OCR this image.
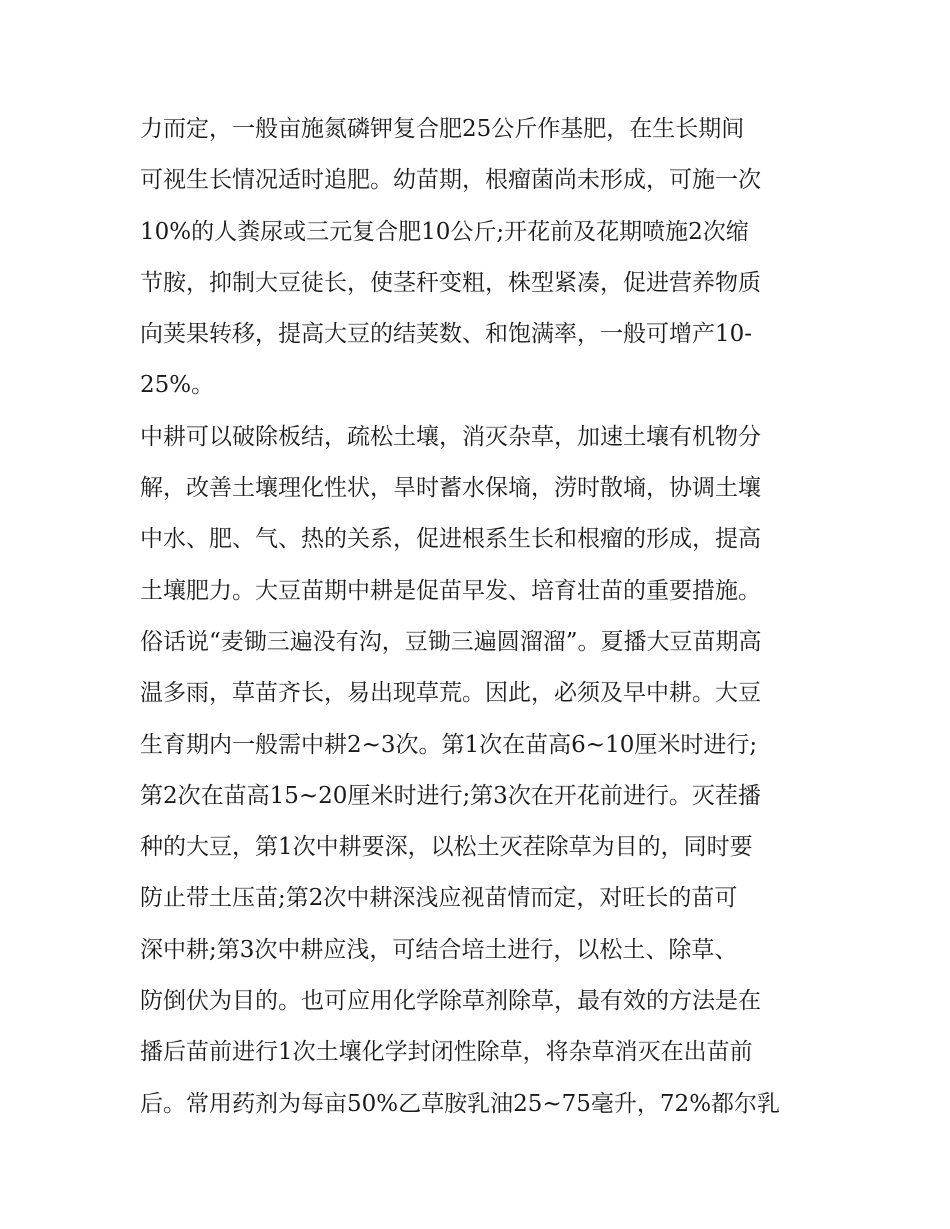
力而定，一般亩施氮磷钾复合肥25公斤作基肥，在生长期间
可视生长情况适时追肥。幼苗期，根瘤菌尚未形成，可施一次
10%的人粪尿或三元复合肥10公斤;开花前及花期喷施2次缩
节胺，抑制大豆徒长，使茎秆变粗，株型紧凑，促进营养物质
向荚果转移，提高大豆的结荚数、和饱满率，一般可增产10-
25%。
中耕可以破除板结，疏松土壤，消灭杂草，加速土壤有机物分
解，改善土壤理化性状，旱时蓄水保墒，涝时散墒，协调土壤
中水、肥、气、热的关系，促进根系生长和根瘤的形成，提高
土壤肥力。大豆苗期中耕是促苗早发、培育壮苗的重要措施。
俗话说“麦锄三遍没有沟，豆锄三遍圆溜溜”。夏播大豆苗期高
温多雨，草苗齐长，易出现草荒。因此，必须及早中耕。大豆
生育期内一般需中耕2~3次。第1次在苗高6~10厘米时进行;
第2次在苗高15~20厘米时进行;第3次在开花前进行。灭茬播
种的大豆，第1次中耕要深，以松土灭茬除草为目的，同时要
防止带土压苗;第2次中耕深浅应视苗情而定，对旺长的苗可
深中耕;第3次中耕应浅，可结合培土进行，以松土、除草、
防倒伏为目的。也可应用化学除草剂除草，最有效的方法是在
播后苗前进行1次土壤化学封闭性除草，将杂草消灭在出苗前
后。常用药剂为每亩50%乙草胺乳油25~75毫升，72%都尔乳
